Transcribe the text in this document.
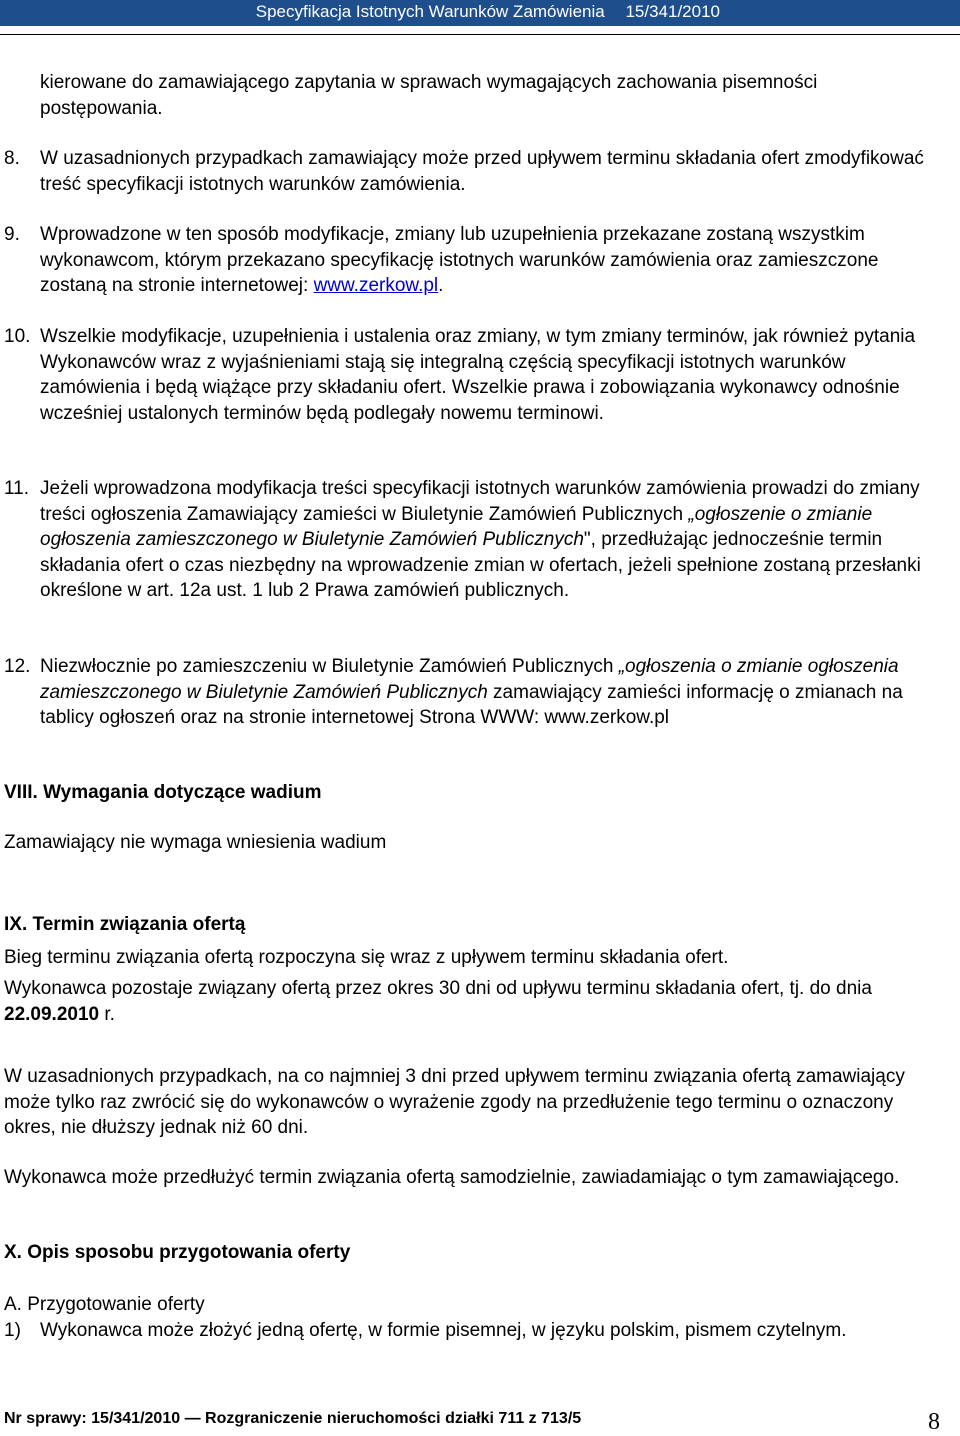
Specyfikacja Istotnych Warunków Zamówienia 15/341/2010
kierowane do zamawiającego zapytania w sprawach wymagających zachowania pisemności postępowania.
8. W uzasadnionych przypadkach zamawiający może przed upływem terminu składania ofert zmodyfikować treść specyfikacji istotnych warunków zamówienia.
9. Wprowadzone w ten sposób modyfikacje, zmiany lub uzupełnienia przekazane zostaną wszystkim wykonawcom, którym przekazano specyfikację istotnych warunków zamówienia oraz zamieszczone zostaną na stronie internetowej: www.zerkow.pl.
10. Wszelkie modyfikacje, uzupełnienia i ustalenia oraz zmiany, w tym zmiany terminów, jak również pytania Wykonawców wraz z wyjaśnieniami stają się integralną częścią specyfikacji istotnych warunków zamówienia i będą wiążące przy składaniu ofert. Wszelkie prawa i zobowiązania wykonawcy odnośnie wcześniej ustalonych terminów będą podlegały nowemu terminowi.
11. Jeżeli wprowadzona modyfikacja treści specyfikacji istotnych warunków zamówienia prowadzi do zmiany treści ogłoszenia Zamawiający zamieści w Biuletynie Zamówień Publicznych „ogłoszenie o zmianie ogłoszenia zamieszczonego w Biuletynie Zamówień Publicznych", przedłużając jednocześnie termin składania ofert o czas niezbędny na wprowadzenie zmian w ofertach, jeżeli spełnione zostaną przesłanki określone w art. 12a ust. 1 lub 2 Prawa zamówień publicznych.
12. Niezwłocznie po zamieszczeniu w Biuletynie Zamówień Publicznych „ogłoszenia o zmianie ogłoszenia zamieszczonego w Biuletynie Zamówień Publicznych zamawiający zamieści informację o zmianach na tablicy ogłoszeń oraz na stronie internetowej Strona WWW: www.zerkow.pl
VIII. Wymagania dotyczące wadium
Zamawiający nie wymaga wniesienia wadium
IX. Termin związania ofertą
Bieg terminu związania ofertą rozpoczyna się wraz z upływem terminu składania ofert.
Wykonawca pozostaje związany ofertą przez okres 30 dni od upływu terminu składania ofert, tj. do dnia 22.09.2010 r.
W uzasadnionych przypadkach, na co najmniej 3 dni przed upływem terminu związania ofertą zamawiający może tylko raz zwrócić się do wykonawców o wyrażenie zgody na przedłużenie tego terminu o oznaczony okres, nie dłuższy jednak niż 60 dni.
Wykonawca może przedłużyć termin związania ofertą samodzielnie, zawiadamiając o tym zamawiającego.
X. Opis sposobu przygotowania oferty
A. Przygotowanie oferty
1) Wykonawca może złożyć jedną ofertę, w formie pisemnej, w języku polskim, pismem czytelnym.
Nr sprawy: 15/341/2010 — Rozgraniczenie nieruchomości działki 711 z 713/5	8
